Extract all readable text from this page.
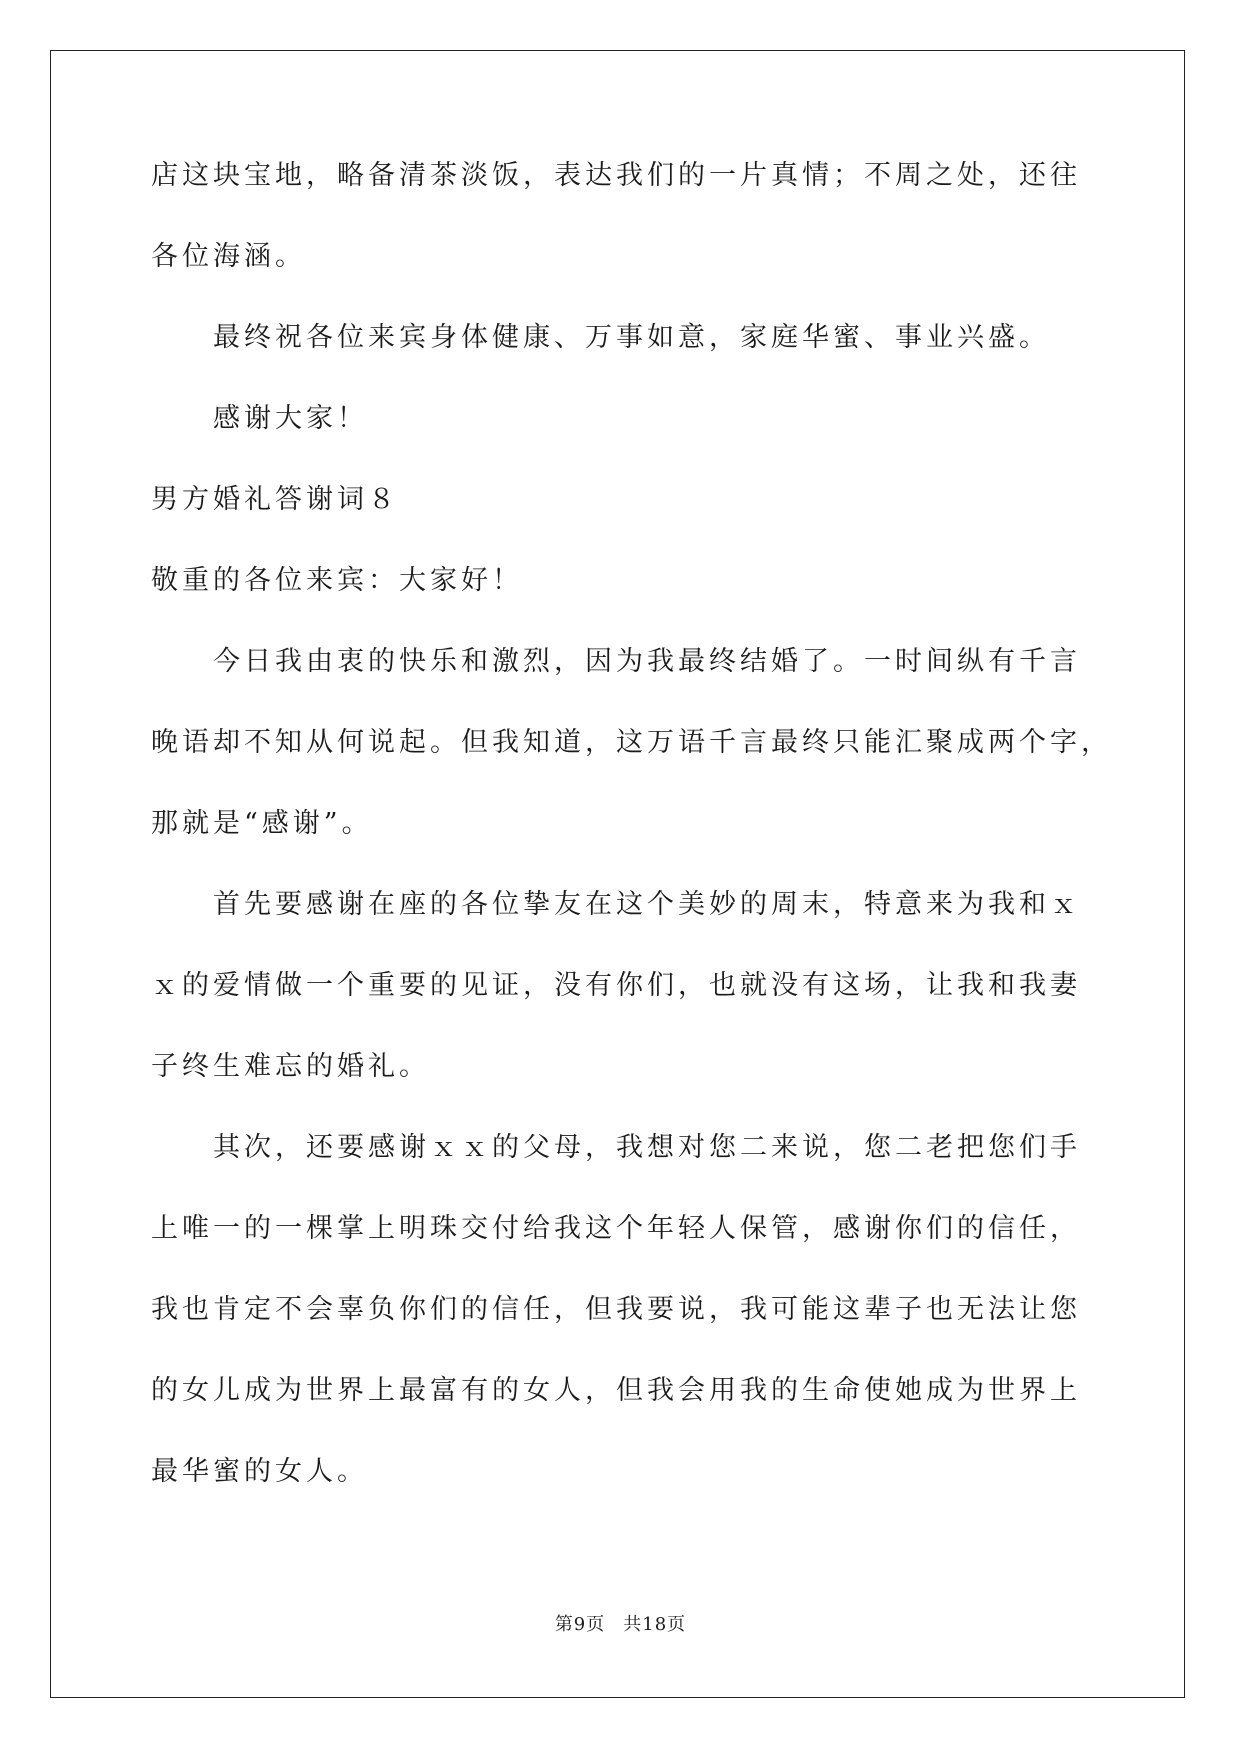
店这块宝地，略备清茶淡饭，表达我们的一片真情；不周之处，还往
各位海涵。
最终祝各位来宾身体健康、万事如意，家庭华蜜、事业兴盛。
感谢大家！
男方婚礼答谢词８
敬重的各位来宾：大家好！
今日我由衷的快乐和激烈，因为我最终结婚了。一时间纵有千言
晚语却不知从何说起。但我知道，这万语千言最终只能汇聚成两个字，
那就是“感谢”。
首先要感谢在座的各位挚友在这个美妙的周末，特意来为我和ｘ
ｘ的爱情做一个重要的见证，没有你们，也就没有这场，让我和我妻
子终生难忘的婚礼。
其次，还要感谢ｘｘ的父母，我想对您二来说，您二老把您们手
上唯一的一棵掌上明珠交付给我这个年轻人保管，感谢你们的信任，
我也肯定不会辜负你们的信任，但我要说，我可能这辈子也无法让您
的女儿成为世界上最富有的女人，但我会用我的生命使她成为世界上
最华蜜的女人。
第9页 共18页
